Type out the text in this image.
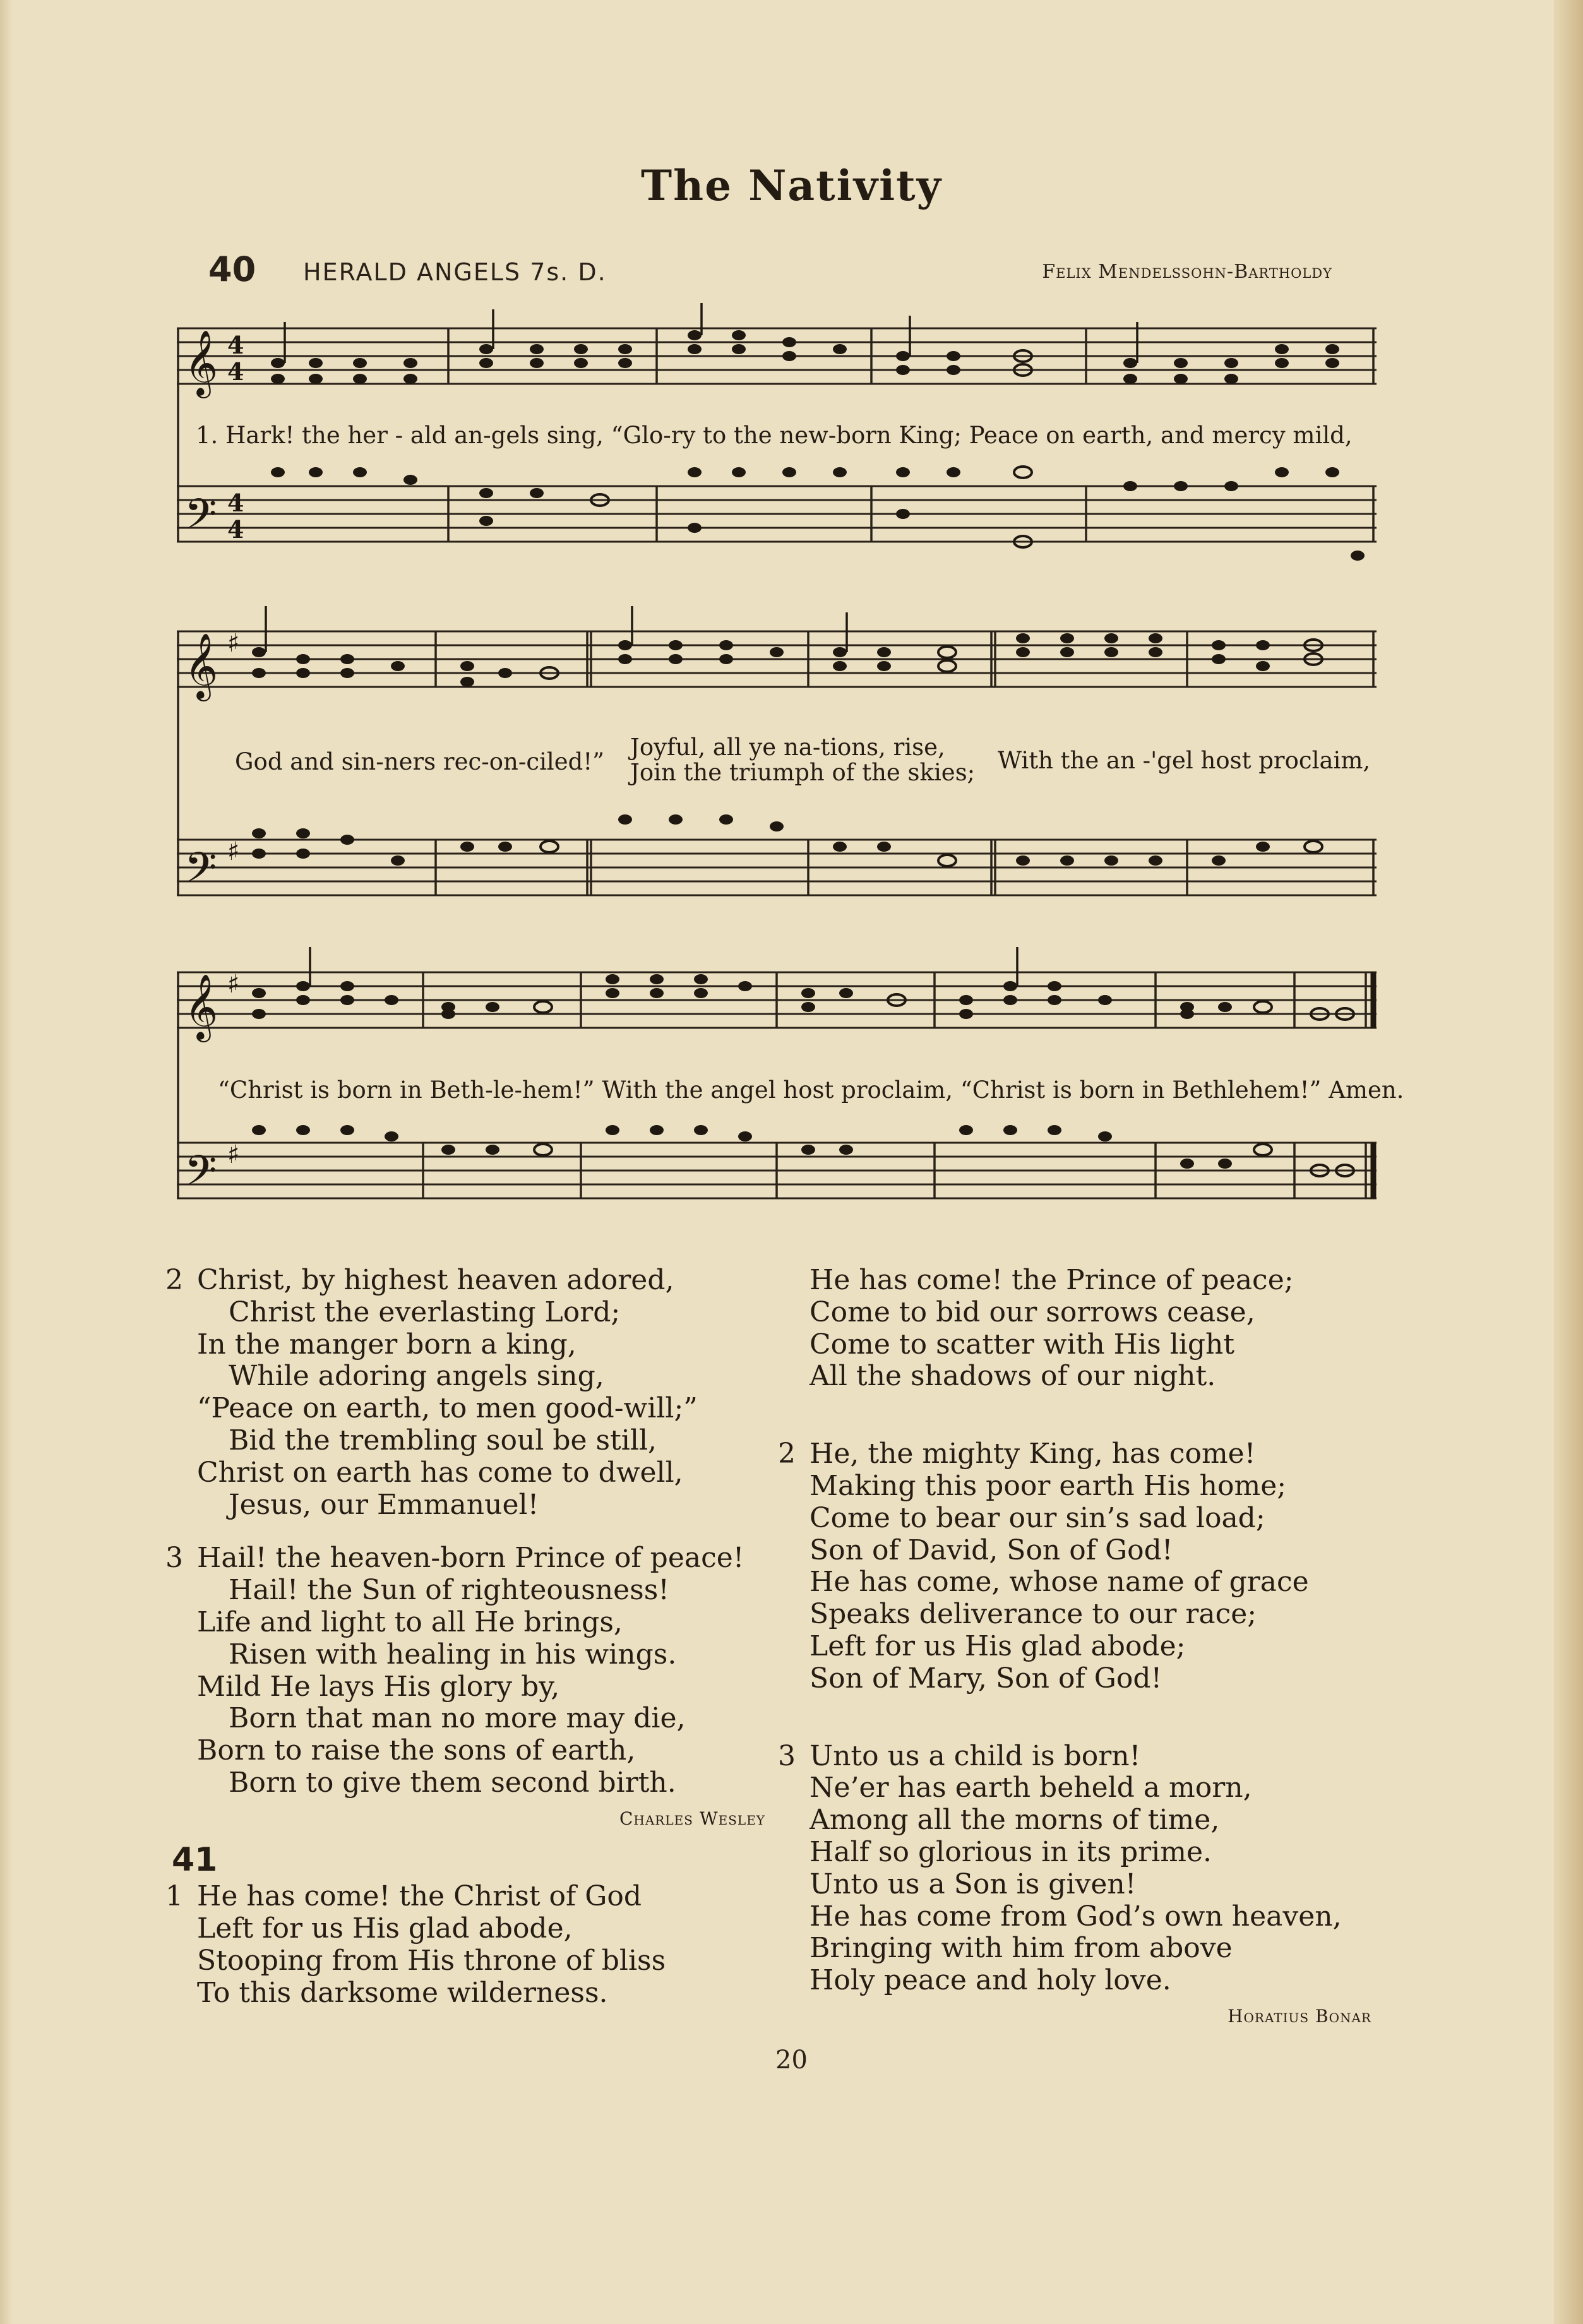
The Nativity
40 HERALD ANGELS 7s. D.	Felix Mendelssohn-Bartholdy
𝄞
𝄢
4
4
4
4
1. Hark! the her - ald an-gels sing, “Glo-ry to the new-born King; Peace on earth, and mercy mild,
𝄞
𝄢
♯
♯
God and sin-ners rec-on-ciled!”
Joyful, all ye na-tions, rise,
Join the triumph of the skies; With the an -'gel host proclaim,
𝄞
𝄢
♯
♯
“Christ is born in Beth-le-hem!” With the angel host proclaim, “Christ is born in Bethlehem!” Amen.
2 Christ, by highest heaven adored,
Christ the everlasting Lord;
In the manger born a king,
While adoring angels sing,
“Peace on earth, to men good-will;”
Bid the trembling soul be still,
Christ on earth has come to dwell,
Jesus, our Emmanuel!
3 Hail! the heaven-born Prince of peace!
Hail! the Sun of righteousness!
Life and light to all He brings,
Risen with healing in his wings.
Mild He lays His glory by,
Born that man no more may die,
Born to raise the sons of earth,
Born to give them second birth.
Charles Wesley
41
1 He has come! the Christ of God
Left for us His glad abode,
Stooping from His throne of bliss
To this darksome wilderness.
He has come! the Prince of peace;
Come to bid our sorrows cease,
Come to scatter with His light
All the shadows of our night.
2 He, the mighty King, has come!
Making this poor earth His home;
Come to bear our sin’s sad load;
Son of David, Son of God!
He has come, whose name of grace
Speaks deliverance to our race;
Left for us His glad abode;
Son of Mary, Son of God!
3 Unto us a child is born!
Ne’er has earth beheld a morn,
Among all the morns of time,
Half so glorious in its prime.
Unto us a Son is given!
He has come from God’s own heaven,
Bringing with him from above
Holy peace and holy love.
Horatius Bonar
20
